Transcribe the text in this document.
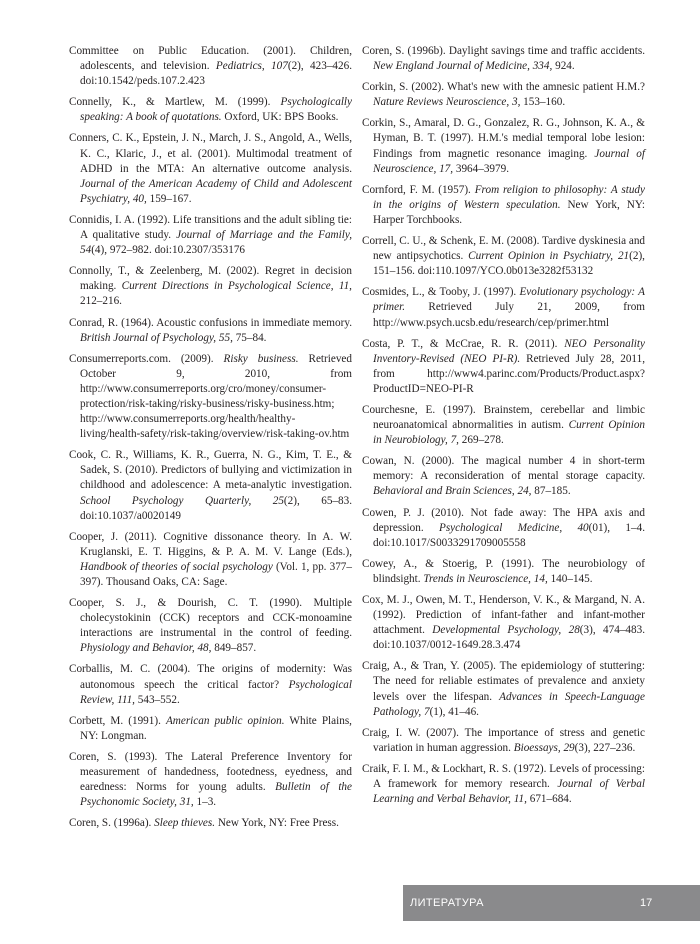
Committee on Public Education. (2001). Children, adolescents, and television. Pediatrics, 107(2), 423–426. doi:10.1542/peds.107.2.423

Connelly, K., & Martlew, M. (1999). Psychologically speaking: A book of quotations. Oxford, UK: BPS Books.

Conners, C. K., Epstein, J. N., March, J. S., Angold, A., Wells, K. C., Klaric, J., et al. (2001). Multimodal treatment of ADHD in the MTA: An alternative outcome analysis. Journal of the American Academy of Child and Adolescent Psychiatry, 40, 159–167.

Connidis, I. A. (1992). Life transitions and the adult sibling tie: A qualitative study. Journal of Marriage and the Family, 54(4), 972–982. doi:10.2307/353176

Connolly, T., & Zeelenberg, M. (2002). Regret in decision making. Current Directions in Psychological Science, 11, 212–216.

Conrad, R. (1964). Acoustic confusions in immediate memory. British Journal of Psychology, 55, 75–84.

Consumerreports.com. (2009). Risky business. Retrieved October 9, 2010, from http://www.consumerreports.org/cro/money/consumer-protection/risk-taking/risky-business/risky-business.htm; http://www.consumerreports.org/health/healthy-living/health-safety/risk-taking/overview/risk-taking-ov.htm

Cook, C. R., Williams, K. R., Guerra, N. G., Kim, T. E., & Sadek, S. (2010). Predictors of bullying and victimization in childhood and adolescence: A meta-analytic investigation. School Psychology Quarterly, 25(2), 65–83. doi:10.1037/a0020149

Cooper, J. (2011). Cognitive dissonance theory. In A. W. Kruglanski, E. T. Higgins, & P. A. M. V. Lange (Eds.), Handbook of theories of social psychology (Vol. 1, pp. 377–397). Thousand Oaks, CA: Sage.

Cooper, S. J., & Dourish, C. T. (1990). Multiple cholecystokinin (CCK) receptors and CCK-monoamine interactions are instrumental in the control of feeding. Physiology and Behavior, 48, 849–857.

Corballis, M. C. (2004). The origins of modernity: Was autonomous speech the critical factor? Psychological Review, 111, 543–552.

Corbett, M. (1991). American public opinion. White Plains, NY: Longman.

Coren, S. (1993). The Lateral Preference Inventory for measurement of handedness, footedness, eyedness, and earedness: Norms for young adults. Bulletin of the Psychonomic Society, 31, 1–3.

Coren, S. (1996a). Sleep thieves. New York, NY: Free Press.

Coren, S. (1996b). Daylight savings time and traffic accidents. New England Journal of Medicine, 334, 924.

Corkin, S. (2002). What's new with the amnesic patient H.M.? Nature Reviews Neuroscience, 3, 153–160.

Corkin, S., Amaral, D. G., Gonzalez, R. G., Johnson, K. A., & Hyman, B. T. (1997). H.M.'s medial temporal lobe lesion: Findings from magnetic resonance imaging. Journal of Neuroscience, 17, 3964–3979.

Cornford, F. M. (1957). From religion to philosophy: A study in the origins of Western speculation. New York, NY: Harper Torchbooks.

Correll, C. U., & Schenk, E. M. (2008). Tardive dyskinesia and new antipsychotics. Current Opinion in Psychiatry, 21(2), 151–156. doi:110.1097/YCO.0b013e3282f53132

Cosmides, L., & Tooby, J. (1997). Evolutionary psychology: A primer. Retrieved July 21, 2009, from http://www.psych.ucsb.edu/research/cep/primer.html

Costa, P. T., & McCrae, R. R. (2011). NEO Personality Inventory-Revised (NEO PI-R). Retrieved July 28, 2011, from http://www4.parinc.com/Products/Product.aspx?ProductID=NEO-PI-R

Courchesne, E. (1997). Brainstem, cerebellar and limbic neuroanatomical abnormalities in autism. Current Opinion in Neurobiology, 7, 269–278.

Cowan, N. (2000). The magical number 4 in short-term memory: A reconsideration of mental storage capacity. Behavioral and Brain Sciences, 24, 87–185.

Cowen, P. J. (2010). Not fade away: The HPA axis and depression. Psychological Medicine, 40(01), 1–4. doi:10.1017/S0033291709005558

Cowey, A., & Stoerig, P. (1991). The neurobiology of blindsight. Trends in Neuroscience, 14, 140–145.

Cox, M. J., Owen, M. T., Henderson, V. K., & Margand, N. A. (1992). Prediction of infant-father and infant-mother attachment. Developmental Psychology, 28(3), 474–483. doi:10.1037/0012-1649.28.3.474

Craig, A., & Tran, Y. (2005). The epidemiology of stuttering: The need for reliable estimates of prevalence and anxiety levels over the lifespan. Advances in Speech-Language Pathology, 7(1), 41–46.

Craig, I. W. (2007). The importance of stress and genetic variation in human aggression. Bioessays, 29(3), 227–236.

Craik, F. I. M., & Lockhart, R. S. (1972). Levels of processing: A framework for memory research. Journal of Verbal Learning and Verbal Behavior, 11, 671–684.

ЛИТЕРАТУРА	17
